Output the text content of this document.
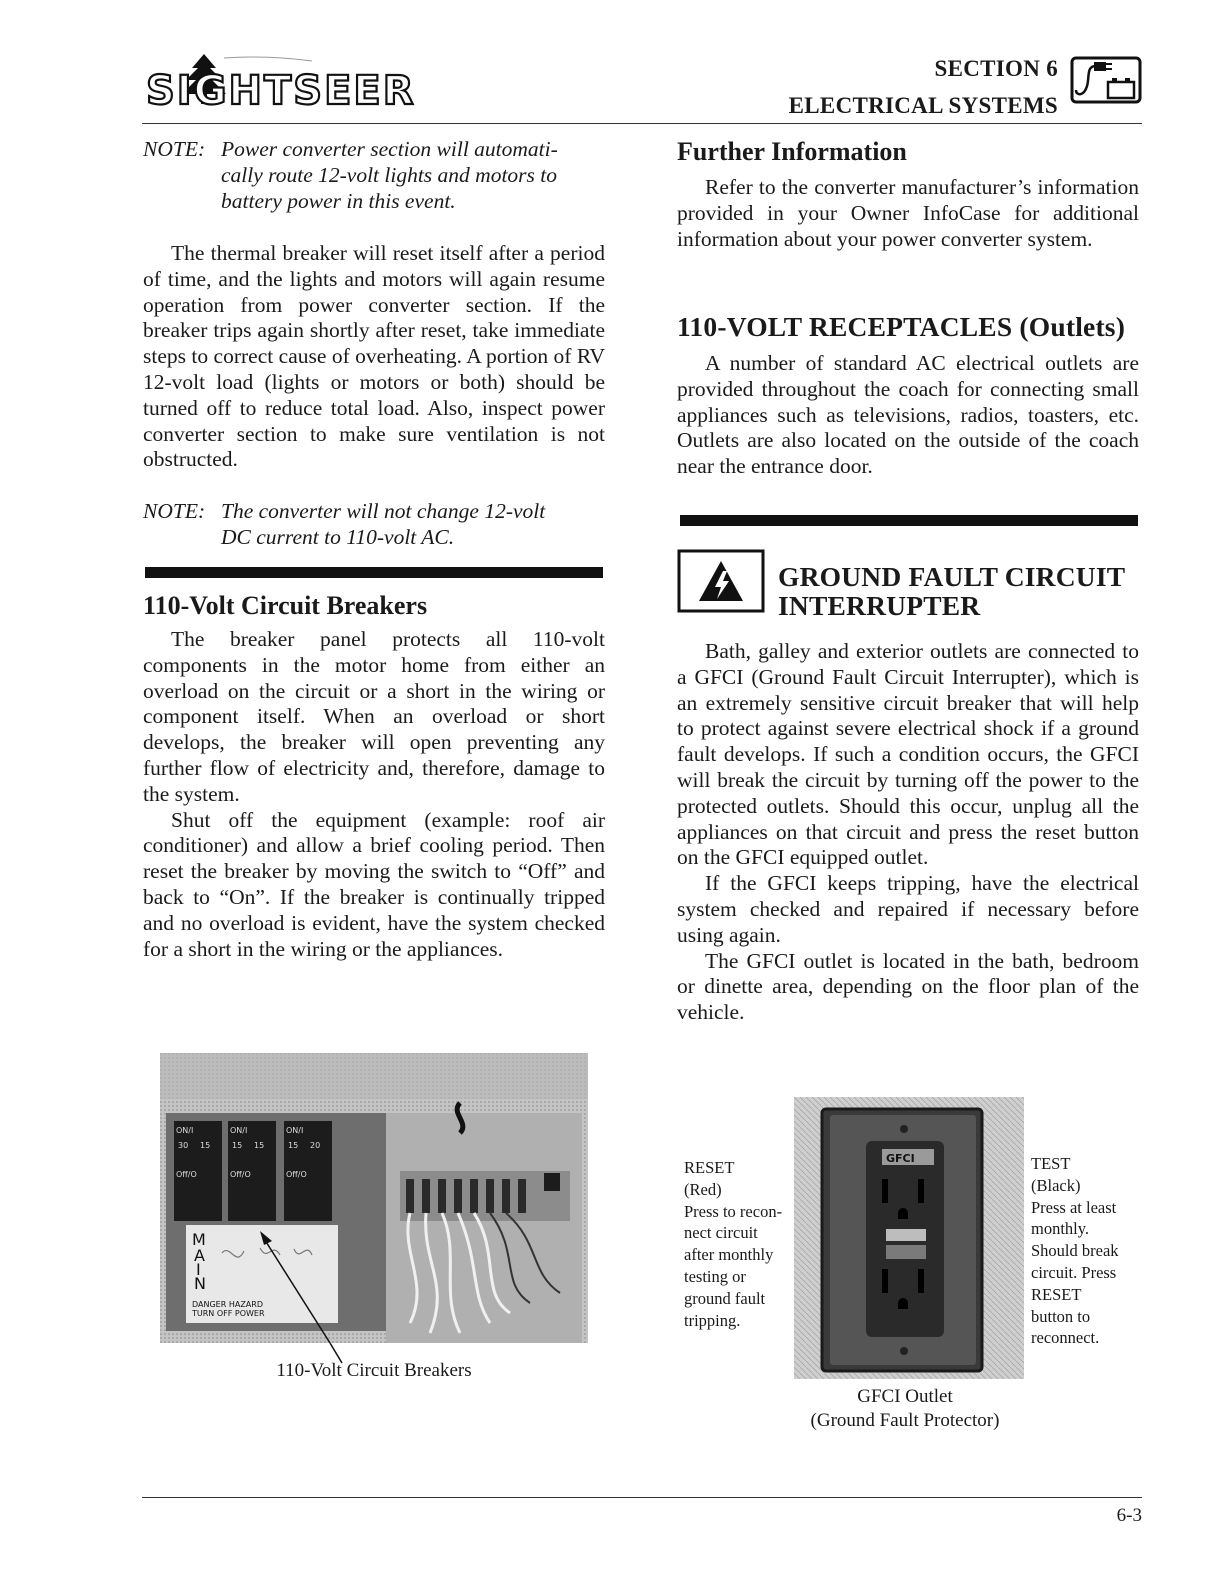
SIGHTSEER	SECTION 6
ELECTRICAL SYSTEMS
NOTE: Power converter section will automati-
cally route 12-volt lights and motors to
battery power in this event.

The thermal breaker will reset itself after a period of time, and the lights and motors will again resume operation from power converter section. If the breaker trips again shortly after reset, take immediate steps to correct cause of overheating. A portion of RV 12-volt load (lights or motors or both) should be turned off to reduce total load. Also, inspect power converter section to make sure ventilation is not obstructed.

NOTE: The converter will not change 12-volt
DC current to 110-volt AC.
110-Volt Circuit Breakers

The breaker panel protects all 110-volt components in the motor home from either an overload on the circuit or a short in the wiring or component itself. When an overload or short develops, the breaker will open preventing any further flow of electricity and, therefore, damage to the system.

Shut off the equipment (example: roof air conditioner) and allow a brief cooling period. Then reset the breaker by moving the switch to “Off” and back to “On”. If the breaker is continually tripped and no overload is evident, have the system checked for a short in the wiring or the appliances.

ON/I	ON/I	ON/I
30 15	15 15	15 20
Off/O	Off/O	Off/O
M
A
I
N
DANGER HAZARD
TURN OFF POWER
110-Volt Circuit Breakers
Further Information

Refer to the converter manufacturer’s information provided in your Owner InfoCase for additional information about your power converter system.

110-VOLT RECEPTACLES (Outlets)

A number of standard AC electrical outlets are provided throughout the coach for connecting small appliances such as televisions, radios, toasters, etc. Outlets are also located on the outside of the coach near the entrance door.

GROUND FAULT CIRCUIT
INTERRUPTER

Bath, galley and exterior outlets are connected to a GFCI (Ground Fault Circuit Interrupter), which is an extremely sensitive circuit breaker that will help to protect against severe electrical shock if a ground fault develops. If such a condition occurs, the GFCI will break the circuit by turning off the power to the protected outlets. Should this occur, unplug all the appliances on that circuit and press the reset button on the GFCI equipped outlet.

If the GFCI keeps tripping, have the electrical system checked and repaired if necessary before using again.

The GFCI outlet is located in the bath, bedroom or dinette area, depending on the floor plan of the vehicle.

RESET
(Red)
Press to recon-
nect circuit
after monthly
testing or
ground fault
tripping.
GFCI	TEST
(Black)
Press at least
monthly.
Should break
circuit. Press
RESET
button to
reconnect.
GFCI Outlet
(Ground Fault Protector)
6-3
